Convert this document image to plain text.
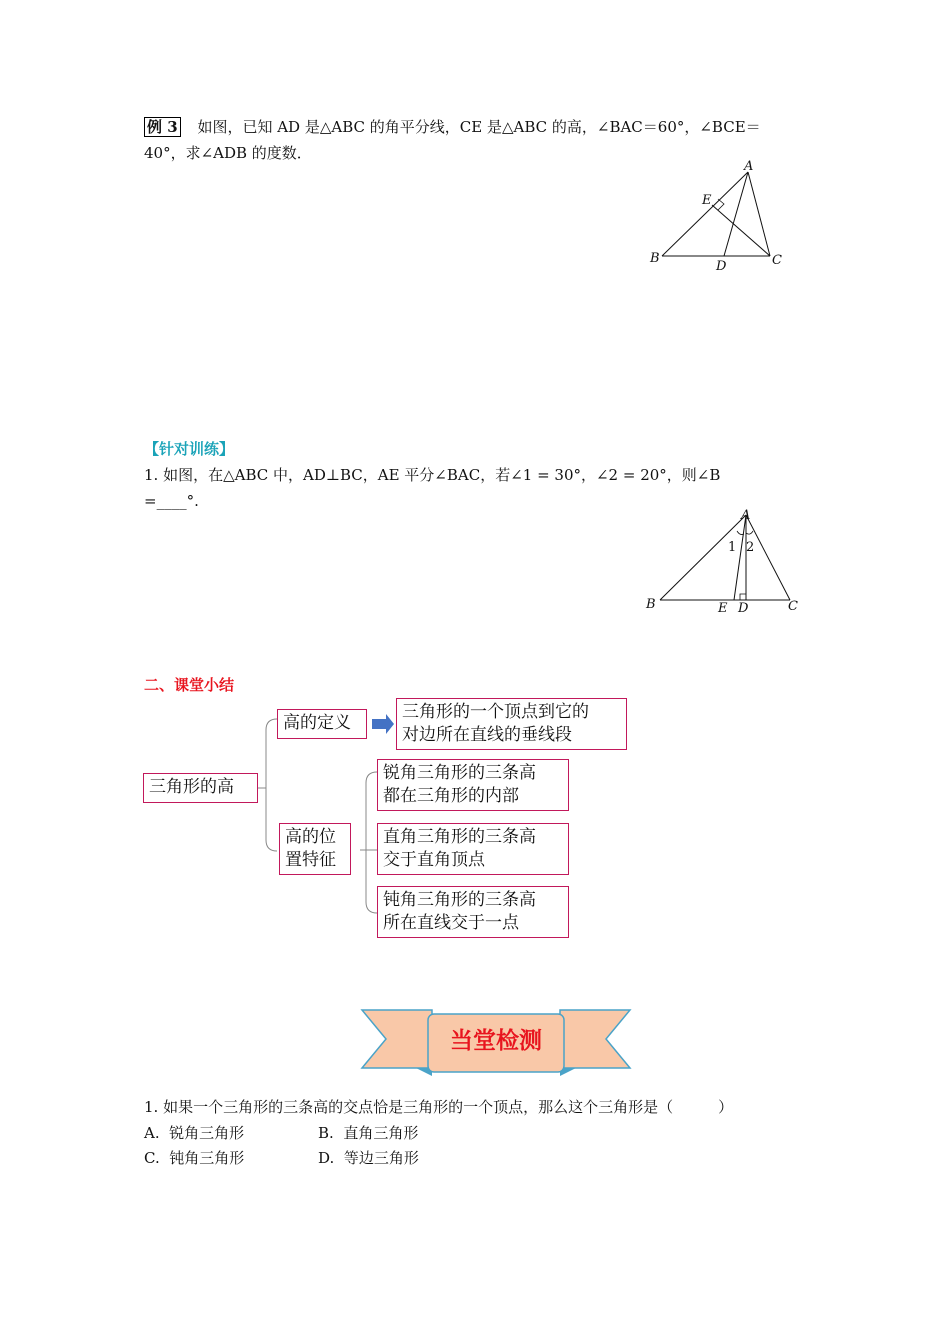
例 3 如图，已知 AD 是△ABC 的角平分线，CE 是△ABC 的高，∠BAC＝60°，∠BCE＝
40°，求∠ADB 的度数．
A
B	C
D
E
【针对训练】
1. 如图，在△ABC 中，AD⊥BC，AE 平分∠BAC，若∠1 = 30°，∠2 = 20°，则∠B
=____°.
A
B	C
D
E
1 2
二、课堂小结
三角形的高
高的定义
三角形的一个顶点到它的
对边所在直线的垂线段
高的位
置特征
锐角三角形的三条高
都在三角形的内部
直角三角形的三条高
交于直角顶点
钝角三角形的三条高
所在直线交于一点
当堂检测
1. 如果一个三角形的三条高的交点恰是三角形的一个顶点，那么这个三角形是（　　　）
A. 锐角三角形	B. 直角三角形
C. 钝角三角形	D. 等边三角形
